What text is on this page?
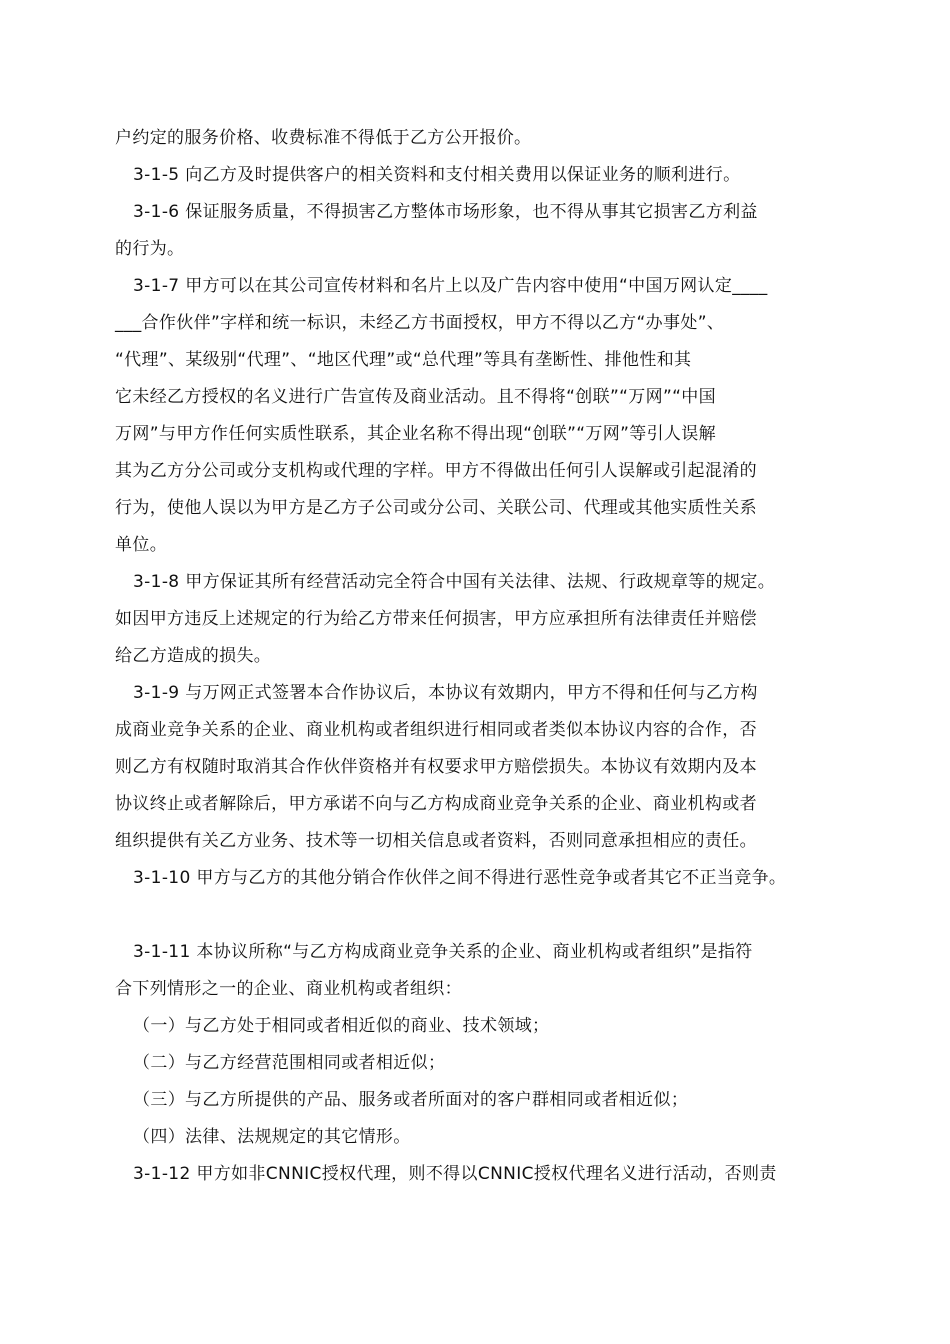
户约定的服务价格、收费标准不得低于乙方公开报价。
3-1-5 向乙方及时提供客户的相关资料和支付相关费用以保证业务的顺利进行。
3-1-6 保证服务质量，不得损害乙方整体市场形象，也不得从事其它损害乙方利益
的行为。
3-1-7 甲方可以在其公司宣传材料和名片上以及广告内容中使用“中国万网认定____
___合作伙伴”字样和统一标识，未经乙方书面授权，甲方不得以乙方“办事处”、
“代理”、某级别“代理”、“地区代理”或“总代理”等具有垄断性、排他性和其
它未经乙方授权的名义进行广告宣传及商业活动。且不得将“创联”“万网”“中国
万网”与甲方作任何实质性联系，其企业名称不得出现“创联”“万网”等引人误解
其为乙方分公司或分支机构或代理的字样。甲方不得做出任何引人误解或引起混淆的
行为，使他人误以为甲方是乙方子公司或分公司、关联公司、代理或其他实质性关系
单位。
3-1-8 甲方保证其所有经营活动完全符合中国有关法律、法规、行政规章等的规定。
如因甲方违反上述规定的行为给乙方带来任何损害，甲方应承担所有法律责任并赔偿
给乙方造成的损失。
3-1-9 与万网正式签署本合作协议后，本协议有效期内，甲方不得和任何与乙方构
成商业竞争关系的企业、商业机构或者组织进行相同或者类似本协议内容的合作，否
则乙方有权随时取消其合作伙伴资格并有权要求甲方赔偿损失。本协议有效期内及本
协议终止或者解除后，甲方承诺不向与乙方构成商业竞争关系的企业、商业机构或者
组织提供有关乙方业务、技术等一切相关信息或者资料，否则同意承担相应的责任。
3-1-10 甲方与乙方的其他分销合作伙伴之间不得进行恶性竞争或者其它不正当竞争。
3-1-11 本协议所称“与乙方构成商业竞争关系的企业、商业机构或者组织”是指符
合下列情形之一的企业、商业机构或者组织：
（一）与乙方处于相同或者相近似的商业、技术领域；
（二）与乙方经营范围相同或者相近似；
（三）与乙方所提供的产品、服务或者所面对的客户群相同或者相近似；
（四）法律、法规规定的其它情形。
3-1-12 甲方如非CNNIC授权代理，则不得以CNNIC授权代理名义进行活动，否则责
